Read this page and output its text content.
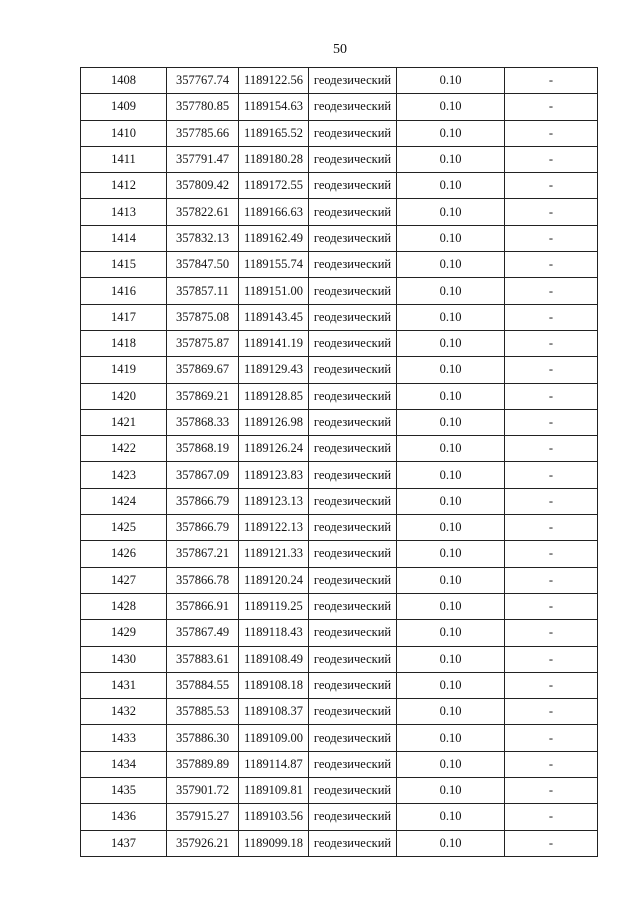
50
1408	357767.74	1189122.56	геодезический	0.10	-
1409	357780.85	1189154.63	геодезический	0.10	-
1410	357785.66	1189165.52	геодезический	0.10	-
1411	357791.47	1189180.28	геодезический	0.10	-
1412	357809.42	1189172.55	геодезический	0.10	-
1413	357822.61	1189166.63	геодезический	0.10	-
1414	357832.13	1189162.49	геодезический	0.10	-
1415	357847.50	1189155.74	геодезический	0.10	-
1416	357857.11	1189151.00	геодезический	0.10	-
1417	357875.08	1189143.45	геодезический	0.10	-
1418	357875.87	1189141.19	геодезический	0.10	-
1419	357869.67	1189129.43	геодезический	0.10	-
1420	357869.21	1189128.85	геодезический	0.10	-
1421	357868.33	1189126.98	геодезический	0.10	-
1422	357868.19	1189126.24	геодезический	0.10	-
1423	357867.09	1189123.83	геодезический	0.10	-
1424	357866.79	1189123.13	геодезический	0.10	-
1425	357866.79	1189122.13	геодезический	0.10	-
1426	357867.21	1189121.33	геодезический	0.10	-
1427	357866.78	1189120.24	геодезический	0.10	-
1428	357866.91	1189119.25	геодезический	0.10	-
1429	357867.49	1189118.43	геодезический	0.10	-
1430	357883.61	1189108.49	геодезический	0.10	-
1431	357884.55	1189108.18	геодезический	0.10	-
1432	357885.53	1189108.37	геодезический	0.10	-
1433	357886.30	1189109.00	геодезический	0.10	-
1434	357889.89	1189114.87	геодезический	0.10	-
1435	357901.72	1189109.81	геодезический	0.10	-
1436	357915.27	1189103.56	геодезический	0.10	-
1437	357926.21	1189099.18	геодезический	0.10	-
